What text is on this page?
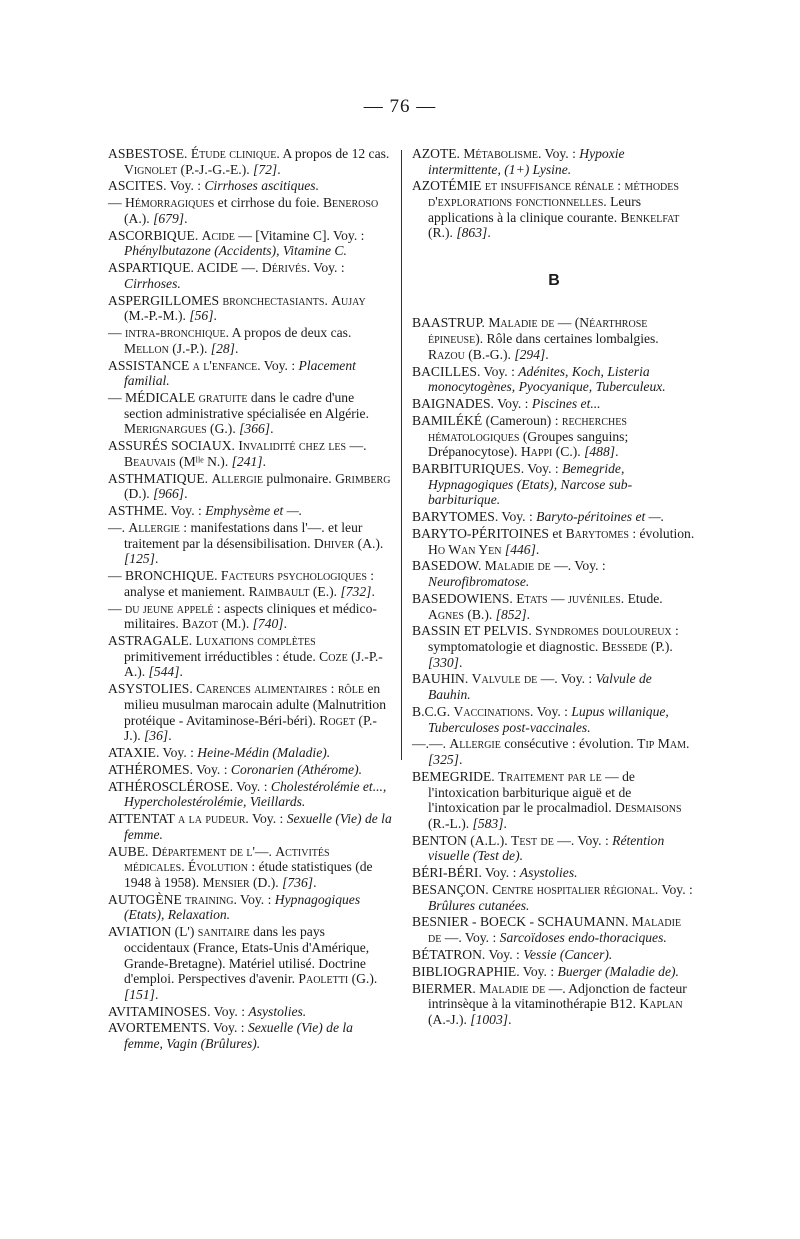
— 76 —

ASBESTOSE. Étude clinique. A propos de 12 cas. Vignolet (P.-J.-G.-E.). [72].

ASCITES. Voy. : Cirrhoses ascitiques.

— Hémorragiques et cirrhose du foie. Beneroso (A.). [679].

ASCORBIQUE. Acide — [Vitamine C]. Voy. : Phénylbutazone (Accidents), Vitamine C.

ASPARTIQUE. ACIDE —. Dérivés. Voy. : Cirrhoses.

ASPERGILLOMES bronchectasiants. Aujay (M.-P.-M.). [56].

— intra-bronchique. A propos de deux cas. Mellon (J.-P.). [28].

ASSISTANCE a l'enfance. Voy. : Placement familial.

— MÉDICALE gratuite dans le cadre d'une section administrative spécialisée en Algérie. Merignargues (G.). [366].

ASSURÉS SOCIAUX. Invalidité chez les —. Beauvais (Mˡˡᵉ N.). [241].

ASTHMATIQUE. Allergie pulmonaire. Grimberg (D.). [966].

ASTHME. Voy. : Emphysème et —.

—. Allergie : manifestations dans l'—. et leur traitement par la désensibilisation. Dhiver (A.). [125].

— BRONCHIQUE. Facteurs psychologiques : analyse et maniement. Raimbault (E.). [732].

— du jeune appelé : aspects cliniques et médico-militaires. Bazot (M.). [740].

ASTRAGALE. Luxations complètes primitivement irréductibles : étude. Coze (J.-P.-A.). [544].

ASYSTOLIES. Carences alimentaires : rôle en milieu musulman marocain adulte (Malnutrition protéique - Avitaminose-Béri-béri). Roget (P.-J.). [36].

ATAXIE. Voy. : Heine-Médin (Maladie).

ATHÉROMES. Voy. : Coronarien (Athérome).

ATHÉROSCLÉROSE. Voy. : Cholestérolémie et..., Hypercholestérolémie, Vieillards.

ATTENTAT a la pudeur. Voy. : Sexuelle (Vie) de la femme.

AUBE. Département de l'—. Activités médicales. Évolution : étude statistiques (de 1948 à 1958). Mensier (D.). [736].

AUTOGÈNE training. Voy. : Hypnagogiques (Etats), Relaxation.

AVIATION (L') sanitaire dans les pays occidentaux (France, Etats-Unis d'Amérique, Grande-Bretagne). Matériel utilisé. Doctrine d'emploi. Perspectives d'avenir. Paoletti (G.). [151].

AVITAMINOSES. Voy. : Asystolies.

AVORTEMENTS. Voy. : Sexuelle (Vie) de la femme, Vagin (Brûlures).

AZOTE. Métabolisme. Voy. : Hypoxie intermittente, (1+) Lysine.

AZOTÉMIE et insuffisance rénale : méthodes d'explorations fonctionnelles. Leurs applications à la clinique courante. Benkelfat (R.). [863].

B

BAASTRUP. Maladie de — (Néarthrose épineuse). Rôle dans certaines lombalgies. Razou (B.-G.). [294].

BACILLES. Voy. : Adénites, Koch, Listeria monocytogènes, Pyocyanique, Tuberculeux.

BAIGNADES. Voy. : Piscines et...

BAMILÉKÉ (Cameroun) : recherches hématologiques (Groupes sanguins; Drépanocytose). Happi (C.). [488].

BARBITURIQUES. Voy. : Bemegride, Hypnagogiques (Etats), Narcose sub-barbiturique.

BARYTOMES. Voy. : Baryto-péritoines et —.

BARYTO-PÉRITOINES et Barytomes : évolution. Ho Wan Yen [446].

BASEDOW. Maladie de —. Voy. : Neurofibromatose.

BASEDOWIENS. Etats — juvéniles. Etude. Agnes (B.). [852].

BASSIN ET PELVIS. Syndromes douloureux : symptomatologie et diagnostic. Bessede (P.). [330].

BAUHIN. Valvule de —. Voy. : Valvule de Bauhin.

B.C.G. Vaccinations. Voy. : Lupus willanique, Tuberculoses post-vaccinales.

—.—. Allergie consécutive : évolution. Tip Mam. [325].

BEMEGRIDE. Traitement par le — de l'intoxication barbiturique aiguë et de l'intoxication par le procalmadiol. Desmaisons (R.-L.). [583].

BENTON (A.L.). Test de —. Voy. : Rétention visuelle (Test de).

BÉRI-BÉRI. Voy. : Asystolies.

BESANÇON. Centre hospitalier régional. Voy. : Brûlures cutanées.

BESNIER - BOECK - SCHAUMANN. Maladie de —. Voy. : Sarcoïdoses endo-thoraciques.

BÉTATRON. Voy. : Vessie (Cancer).

BIBLIOGRAPHIE. Voy. : Buerger (Maladie de).

BIERMER. Maladie de —. Adjonction de facteur intrinsèque à la vitaminothérapie B12. Kaplan (A.-J.). [1003].
